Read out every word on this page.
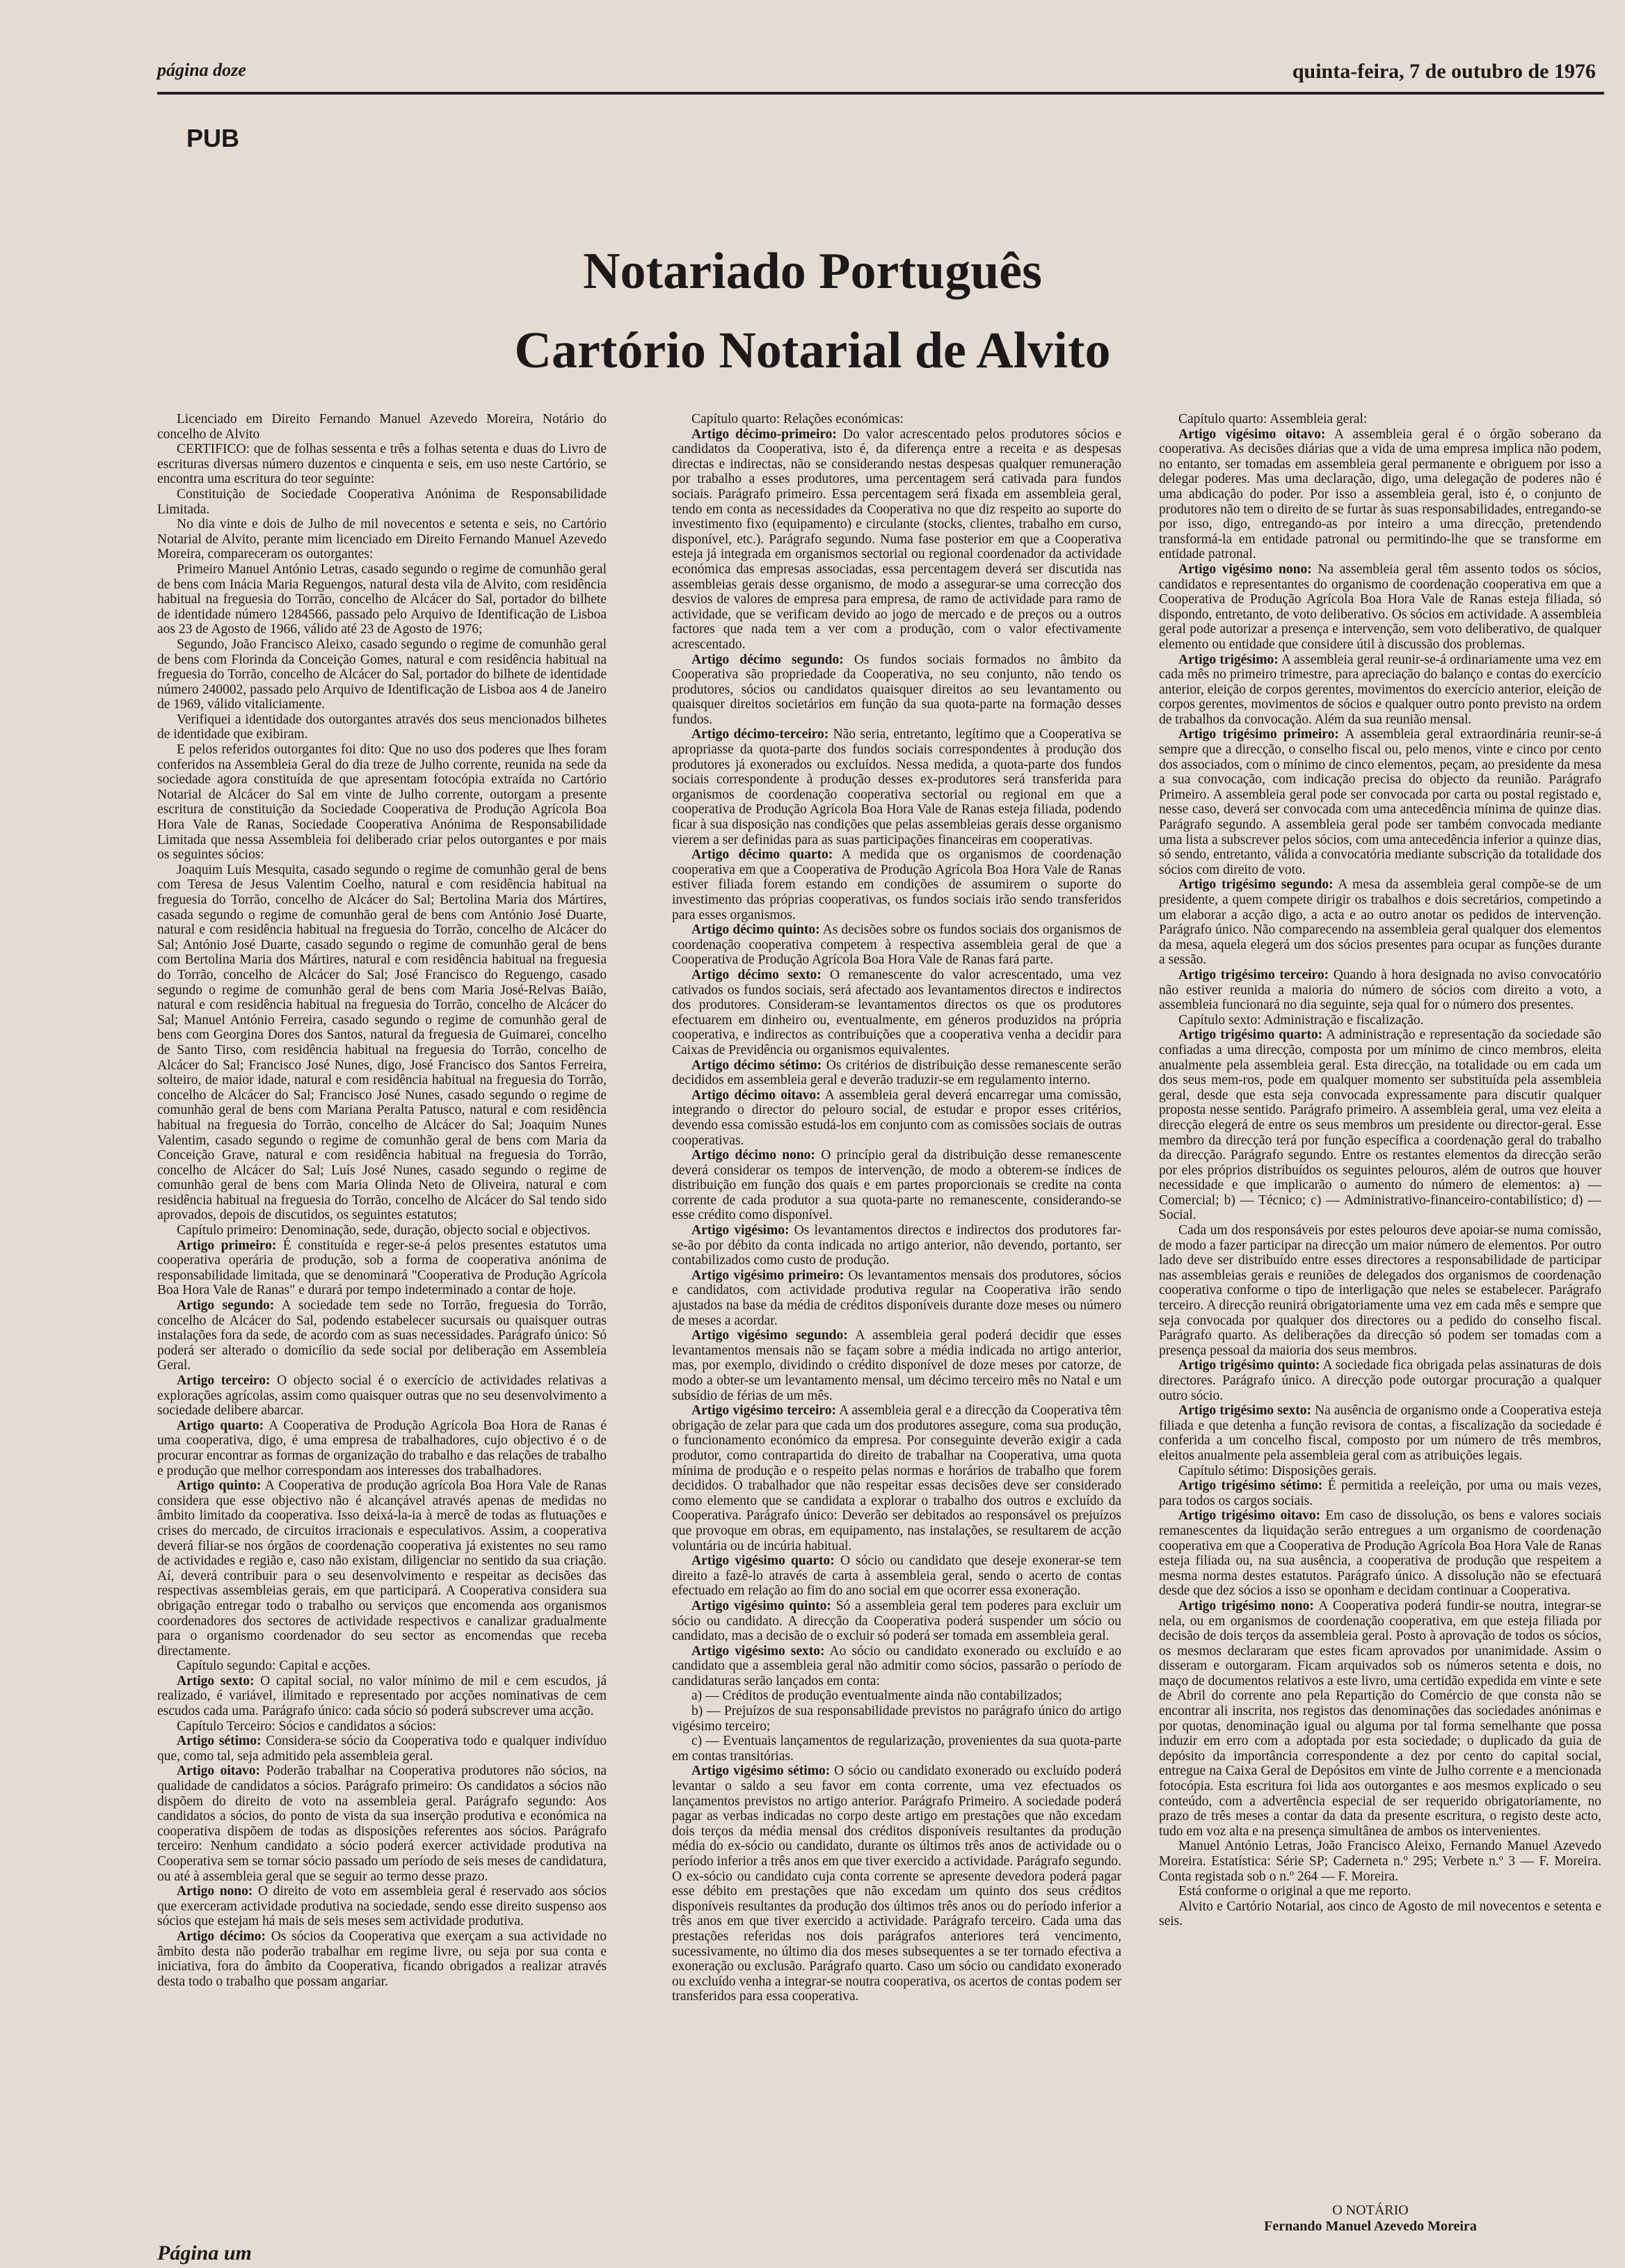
página doze	quinta-feira, 7 de outubro de 1976
PUB
Notariado Português
Cartório Notarial de Alvito

Licenciado em Direito Fernando Manuel Azevedo Moreira, Notário do concelho de Alvito

CERTIFICO: que de folhas sessenta e três a folhas setenta e duas do Livro de escrituras diversas número duzentos e cinquenta e seis, em uso neste Cartório, se encontra uma escritura do teor seguinte:

Constituição de Sociedade Cooperativa Anónima de Responsabilidade Limitada.

No dia vinte e dois de Julho de mil novecentos e setenta e seis, no Cartório Notarial de Alvito, perante mim licenciado em Direito Fernando Manuel Azevedo Moreira, compareceram os outorgantes:

Primeiro Manuel António Letras, casado segundo o regime de comunhão geral de bens com Inácia Maria Reguengos, natural desta vila de Alvito, com residência habitual na freguesia do Torrão, concelho de Alcácer do Sal, portador do bilhete de identidade número 1284566, passado pelo Arquivo de Identificação de Lisboa aos 23 de Agosto de 1966, válido até 23 de Agosto de 1976;

Segundo, João Francisco Aleixo, casado segundo o regime de comunhão geral de bens com Florinda da Conceição Gomes, natural e com residência habitual na freguesia do Torrão, concelho de Alcácer do Sal, portador do bilhete de identidade número 240002, passado pelo Arquivo de Identificação de Lisboa aos 4 de Janeiro de 1969, válido vitaliciamente.

Verifiquei a identidade dos outorgantes através dos seus mencionados bilhetes de identidade que exibiram.

E pelos referidos outorgantes foi dito: Que no uso dos poderes que lhes foram conferidos na Assembleia Geral do dia treze de Julho corrente, reunida na sede da sociedade agora constituída de que apresentam fotocópia extraída no Cartório Notarial de Alcácer do Sal em vinte de Julho corrente, outorgam a presente escritura de constituição da Sociedade Cooperativa de Produção Agrícola Boa Hora Vale de Ranas, Sociedade Cooperativa Anónima de Responsabilidade Limitada que nessa Assembleia foi deliberado criar pelos outorgantes e por mais os seguintes sócios:

Joaquim Luís Mesquita, casado segundo o regime de comunhão geral de bens com Teresa de Jesus Valentim Coelho, natural e com residência habitual na freguesia do Torrão, concelho de Alcácer do Sal; Bertolina Maria dos Mártires, casada segundo o regime de comunhão geral de bens com António José Duarte, natural e com residência habitual na freguesia do Torrão, concelho de Alcácer do Sal; António José Duarte, casado segundo o regime de comunhão geral de bens com Bertolina Maria dos Mártires, natural e com residência habitual na freguesia do Torrão, concelho de Alcácer do Sal; José Francisco do Reguengo, casado segundo o regime de comunhão geral de bens com Maria José-Relvas Baião, natural e com residência habitual na freguesia do Torrão, concelho de Alcácer do Sal; Manuel António Ferreira, casado segundo o regime de comunhão geral de bens com Georgina Dores dos Santos, natural da freguesia de Guimarei, concelho de Santo Tirso, com residência habitual na freguesia do Torrão, concelho de Alcácer do Sal; Francisco José Nunes, digo, José Francisco dos Santos Ferreira, solteiro, de maior idade, natural e com residência habitual na freguesia do Torrão, concelho de Alcácer do Sal; Francisco José Nunes, casado segundo o regime de comunhão geral de bens com Mariana Peralta Patusco, natural e com residência habitual na freguesia do Torrão, concelho de Alcácer do Sal; Joaquim Nunes Valentim, casado segundo o regime de comunhão geral de bens com Maria da Conceição Grave, natural e com residência habitual na freguesia do Torrão, concelho de Alcácer do Sal; Luís José Nunes, casado segundo o regime de comunhão geral de bens com Maria Olinda Neto de Oliveira, natural e com residência habitual na freguesia do Torrão, concelho de Alcácer do Sal tendo sido aprovados, depois de discutidos, os seguintes estatutos;

Capítulo primeiro: Denominação, sede, duração, objecto social e objectivos.

Artigo primeiro: É constituída e reger-se-á pelos presentes estatutos uma cooperativa operária de produção, sob a forma de cooperativa anónima de responsabilidade limitada, que se denominará "Cooperativa de Produção Agrícola Boa Hora Vale de Ranas" e durará por tempo indeterminado a contar de hoje.

Artigo segundo: A sociedade tem sede no Torrão, freguesia do Torrão, concelho de Alcácer do Sal, podendo estabelecer sucursais ou quaisquer outras instalações fora da sede, de acordo com as suas necessidades. Parágrafo único: Só poderá ser alterado o domicílio da sede social por deliberação em Assembleia Geral.

Artigo terceiro: O objecto social é o exercício de actividades relativas a explorações agrícolas, assim como quaisquer outras que no seu desenvolvimento a sociedade delibere abarcar.

Artigo quarto: A Cooperativa de Produção Agrícola Boa Hora de Ranas é uma cooperativa, digo, é uma empresa de trabalhadores, cujo objectivo é o de procurar encontrar as formas de organização do trabalho e das relações de trabalho e produção que melhor correspondam aos interesses dos trabalhadores.

Artigo quinto: A Cooperativa de produção agrícola Boa Hora Vale de Ranas considera que esse objectivo não é alcançável através apenas de medidas no âmbito limitado da cooperativa. Isso deixá-la-ia à mercê de todas as flutuações e crises do mercado, de circuitos irracionais e especulativos. Assim, a cooperativa deverá filiar-se nos órgãos de coordenação cooperativa já existentes no seu ramo de actividades e região e, caso não existam, diligenciar no sentido da sua criação. Aí, deverá contribuir para o seu desenvolvimento e respeitar as decisões das respectivas assembleias gerais, em que participará. A Cooperativa considera sua obrigação entregar todo o trabalho ou serviços que encomenda aos organismos coordenadores dos sectores de actividade respectivos e canalizar gradualmente para o organismo coordenador do seu sector as encomendas que receba directamente.

Capítulo segundo: Capital e acções.

Artigo sexto: O capital social, no valor mínimo de mil e cem escudos, já realizado, é variável, ilimitado e representado por acções nominativas de cem escudos cada uma. Parágrafo único: cada sócio só poderá subscrever uma acção.

Capítulo Terceiro: Sócios e candidatos a sócios:

Artigo sétimo: Considera-se sócio da Cooperativa todo e qualquer indivíduo que, como tal, seja admitido pela assembleia geral.

Artigo oitavo: Poderão trabalhar na Cooperativa produtores não sócios, na qualidade de candidatos a sócios. Parágrafo primeiro: Os candidatos a sócios não dispõem do direito de voto na assembleia geral. Parágrafo segundo: Aos candidatos a sócios, do ponto de vista da sua inserção produtiva e económica na cooperativa dispõem de todas as disposições referentes aos sócios. Parágrafo terceiro: Nenhum candidato a sócio poderá exercer actividade produtiva na Cooperativa sem se tornar sócio passado um período de seis meses de candidatura, ou até à assembleia geral que se seguir ao termo desse prazo.

Artigo nono: O direito de voto em assembleia geral é reservado aos sócios que exerceram actividade produtiva na sociedade, sendo esse direito suspenso aos sócios que estejam há mais de seis meses sem actividade produtiva.

Artigo décimo: Os sócios da Cooperativa que exerçam a sua actividade no âmbito desta não poderão trabalhar em regime livre, ou seja por sua conta e iniciativa, fora do âmbito da Cooperativa, ficando obrigados a realizar através desta todo o trabalho que possam angariar.

Capítulo quarto: Relações económicas:

Artigo décimo-primeiro: Do valor acrescentado pelos produtores sócios e candidatos da Cooperativa, isto é, da diferença entre a receita e as despesas directas e indirectas, não se considerando nestas despesas qualquer remuneração por trabalho a esses produtores, uma percentagem será cativada para fundos sociais. Parágrafo primeiro. Essa percentagem será fixada em assembleia geral, tendo em conta as necessidades da Cooperativa no que diz respeito ao suporte do investimento fixo (equipamento) e circulante (stocks, clientes, trabalho em curso, disponível, etc.). Parágrafo segundo. Numa fase posterior em que a Cooperativa esteja já integrada em organismos sectorial ou regional coordenador da actividade económica das empresas associadas, essa percentagem deverá ser discutida nas assembleias gerais desse organismo, de modo a assegurar-se uma correcção dos desvios de valores de empresa para empresa, de ramo de actividade para ramo de actividade, que se verificam devido ao jogo de mercado e de preços ou a outros factores que nada tem a ver com a produção, com o valor efectivamente acrescentado.

Artigo décimo segundo: Os fundos sociais formados no âmbito da Cooperativa são propriedade da Cooperativa, no seu conjunto, não tendo os produtores, sócios ou candidatos quaisquer direitos ao seu levantamento ou quaisquer direitos societários em função da sua quota-parte na formação desses fundos.

Artigo décimo-terceiro: Não seria, entretanto, legítimo que a Cooperativa se apropriasse da quota-parte dos fundos sociais correspondentes à produção dos produtores já exonerados ou excluídos. Nessa medida, a quota-parte dos fundos sociais correspondente à produção desses ex-produtores será transferida para organismos de coordenação cooperativa sectorial ou regional em que a cooperativa de Produção Agrícola Boa Hora Vale de Ranas esteja filiada, podendo ficar à sua disposição nas condições que pelas assembleias gerais desse organismo vierem a ser definidas para as suas participações financeiras em cooperativas.

Artigo décimo quarto: A medida que os organismos de coordenação cooperativa em que a Cooperativa de Produção Agrícola Boa Hora Vale de Ranas estiver filiada forem estando em condições de assumirem o suporte do investimento das próprias cooperativas, os fundos sociais irão sendo transferidos para esses organismos.

Artigo décimo quinto: As decisões sobre os fundos sociais dos organismos de coordenação cooperativa competem à respectiva assembleia geral de que a Cooperativa de Produção Agrícola Boa Hora Vale de Ranas fará parte.

Artigo décimo sexto: O remanescente do valor acrescentado, uma vez cativados os fundos sociais, será afectado aos levantamentos directos e indirectos dos produtores. Consideram-se levantamentos directos os que os produtores efectuarem em dinheiro ou, eventualmente, em géneros produzidos na própria cooperativa, e indirectos as contribuições que a cooperativa venha a decidir para Caixas de Previdência ou organismos equivalentes.

Artigo décimo sétimo: Os critérios de distribuição desse remanescente serão decididos em assembleia geral e deverão traduzir-se em regulamento interno.

Artigo décimo oitavo: A assembleia geral deverá encarregar uma comissão, integrando o director do pelouro social, de estudar e propor esses critérios, devendo essa comissão estudá-los em conjunto com as comissões sociais de outras cooperativas.

Artigo décimo nono: O princípio geral da distribuição desse remanescente deverá considerar os tempos de intervenção, de modo a obterem-se índices de distribuição em função dos quais e em partes proporcionais se credite na conta corrente de cada produtor a sua quota-parte no remanescente, considerando-se esse crédito como disponível.

Artigo vigésimo: Os levantamentos directos e indirectos dos produtores far-se-ão por débito da conta indicada no artigo anterior, não devendo, portanto, ser contabilizados como custo de produção.

Artigo vigésimo primeiro: Os levantamentos mensais dos produtores, sócios e candidatos, com actividade produtiva regular na Cooperativa irão sendo ajustados na base da média de créditos disponíveis durante doze meses ou número de meses a acordar.

Artigo vigésimo segundo: A assembleia geral poderá decidir que esses levantamentos mensais não se façam sobre a média indicada no artigo anterior, mas, por exemplo, dividindo o crédito disponível de doze meses por catorze, de modo a obter-se um levantamento mensal, um décimo terceiro mês no Natal e um subsídio de férias de um mês.

Artigo vigésimo terceiro: A assembleia geral e a direcção da Cooperativa têm obrigação de zelar para que cada um dos produtores assegure, coma sua produção, o funcionamento económico da empresa. Por conseguinte deverão exigir a cada produtor, como contrapartida do direito de trabalhar na Cooperativa, uma quota mínima de produção e o respeito pelas normas e horários de trabalho que forem decididos. O trabalhador que não respeitar essas decisões deve ser considerado como elemento que se candidata a explorar o trabalho dos outros e excluído da Cooperativa. Parágrafo único: Deverão ser debitados ao responsável os prejuízos que provoque em obras, em equipamento, nas instalações, se resultarem de acção voluntária ou de incúria habitual.

Artigo vigésimo quarto: O sócio ou candidato que deseje exonerar-se tem direito a fazê-lo através de carta à assembleia geral, sendo o acerto de contas efectuado em relação ao fim do ano social em que ocorrer essa exoneração.

Artigo vigésimo quinto: Só a assembleia geral tem poderes para excluir um sócio ou candidato. A direcção da Cooperativa poderá suspender um sócio ou candidato, mas a decisão de o excluir só poderá ser tomada em assembleia geral.

Artigo vigésimo sexto: Ao sócio ou candidato exonerado ou excluído e ao candidato que a assembleia geral não admitir como sócios, passarão o período de candidaturas serão lançados em conta:

a) — Créditos de produção eventualmente ainda não contabilizados;

b) — Prejuízos de sua responsabilidade previstos no parágrafo único do artigo vigésimo terceiro;

c) — Eventuais lançamentos de regularização, provenientes da sua quota-parte em contas transitórias.

Artigo vigésimo sétimo: O sócio ou candidato exonerado ou excluído poderá levantar o saldo a seu favor em conta corrente, uma vez efectuados os lançamentos previstos no artigo anterior. Parágrafo Primeiro. A sociedade poderá pagar as verbas indicadas no corpo deste artigo em prestações que não excedam dois terços da média mensal dos créditos disponíveis resultantes da produção média do ex-sócio ou candidato, durante os últimos três anos de actividade ou o período inferior a três anos em que tiver exercido a actividade. Parágrafo segundo. O ex-sócio ou candidato cuja conta corrente se apresente devedora poderá pagar esse débito em prestações que não excedam um quinto dos seus créditos disponíveis resultantes da produção dos últimos três anos ou do período inferior a três anos em que tiver exercido a actividade. Parágrafo terceiro. Cada uma das prestações referidas nos dois parágrafos anteriores terá vencimento, sucessivamente, no último dia dos meses subsequentes a se ter tornado efectiva a exoneração ou exclusão. Parágrafo quarto. Caso um sócio ou candidato exonerado ou excluído venha a integrar-se noutra cooperativa, os acertos de contas podem ser transferidos para essa cooperativa.

Capítulo quarto: Assembleia geral:

Artigo vigésimo oitavo: A assembleia geral é o órgão soberano da cooperativa. As decisões diárias que a vida de uma empresa implica não podem, no entanto, ser tomadas em assembleia geral permanente e obriguem por isso a delegar poderes. Mas uma declaração, digo, uma delegação de poderes não é uma abdicação do poder. Por isso a assembleia geral, isto é, o conjunto de produtores não tem o direito de se furtar às suas responsabilidades, entregando-se por isso, digo, entregando-as por inteiro a uma direcção, pretendendo transformá-la em entidade patronal ou permitindo-lhe que se transforme em entidade patronal.

Artigo vigésimo nono: Na assembleia geral têm assento todos os sócios, candidatos e representantes do organismo de coordenação cooperativa em que a Cooperativa de Produção Agrícola Boa Hora Vale de Ranas esteja filiada, só dispondo, entretanto, de voto deliberativo. Os sócios em actividade. A assembleia geral pode autorizar a presença e intervenção, sem voto deliberativo, de qualquer elemento ou entidade que considere útil à discussão dos problemas.

Artigo trigésimo: A assembleia geral reunir-se-á ordinariamente uma vez em cada mês no primeiro trimestre, para apreciação do balanço e contas do exercício anterior, eleição de corpos gerentes, movimentos do exercício anterior, eleição de corpos gerentes, movimentos de sócios e qualquer outro ponto previsto na ordem de trabalhos da convocação. Além da sua reunião mensal.

Artigo trigésimo primeiro: A assembleia geral extraordinária reunir-se-á sempre que a direcção, o conselho fiscal ou, pelo menos, vinte e cinco por cento dos associados, com o mínimo de cinco elementos, peçam, ao presidente da mesa a sua convocação, com indicação precisa do objecto da reunião. Parágrafo Primeiro. A assembleia geral pode ser convocada por carta ou postal registado e, nesse caso, deverá ser convocada com uma antecedência mínima de quinze dias. Parágrafo segundo. A assembleia geral pode ser também convocada mediante uma lista a subscrever pelos sócios, com uma antecedência inferior a quinze dias, só sendo, entretanto, válida a convocatória mediante subscrição da totalidade dos sócios com direito de voto.

Artigo trigésimo segundo: A mesa da assembleia geral compõe-se de um presidente, a quem compete dirigir os trabalhos e dois secretários, competindo a um elaborar a acção digo, a acta e ao outro anotar os pedidos de intervenção. Parágrafo único. Não comparecendo na assembleia geral qualquer dos elementos da mesa, aquela elegerá um dos sócios presentes para ocupar as funções durante a sessão.

Artigo trigésimo terceiro: Quando à hora designada no aviso convocatório não estiver reunida a maioria do número de sócios com direito a voto, a assembleia funcionará no dia seguinte, seja qual for o número dos presentes.

Capítulo sexto: Administração e fiscalização.

Artigo trigésimo quarto: A administração e representação da sociedade são confiadas a uma direcção, composta por um mínimo de cinco membros, eleita anualmente pela assembleia geral. Esta direcção, na totalidade ou em cada um dos seus mem-ros, pode em qualquer momento ser substituída pela assembleia geral, desde que esta seja convocada expressamente para discutir qualquer proposta nesse sentido. Parágrafo primeiro. A assembleia geral, uma vez eleita a direcção elegerá de entre os seus membros um presidente ou director-geral. Esse membro da direcção terá por função específica a coordenação geral do trabalho da direcção. Parágrafo segundo. Entre os restantes elementos da direcção serão por eles próprios distribuídos os seguintes pelouros, além de outros que houver necessidade e que implicarão o aumento do número de elementos: a) — Comercial; b) — Técnico; c) — Administrativo-financeiro-contabilístico; d) — Social.

Cada um dos responsáveis por estes pelouros deve apoiar-se numa comissão, de modo a fazer participar na direcção um maior número de elementos. Por outro lado deve ser distribuído entre esses directores a responsabilidade de participar nas assembleias gerais e reuniões de delegados dos organismos de coordenação cooperativa conforme o tipo de interligação que neles se estabelecer. Parágrafo terceiro. A direcção reunirá obrigatoriamente uma vez em cada mês e sempre que seja convocada por qualquer dos directores ou a pedido do conselho fiscal. Parágrafo quarto. As deliberações da direcção só podem ser tomadas com a presença pessoal da maioria dos seus membros.

Artigo trigésimo quinto: A sociedade fica obrigada pelas assinaturas de dois directores. Parágrafo único. A direcção pode outorgar procuração a qualquer outro sócio.

Artigo trigésimo sexto: Na ausência de organismo onde a Cooperativa esteja filiada e que detenha a função revisora de contas, a fiscalização da sociedade é conferida a um concelho fiscal, composto por um número de três membros, eleitos anualmente pela assembleia geral com as atribuições legais.

Capítulo sétimo: Disposições gerais.

Artigo trigésimo sétimo: É permitida a reeleição, por uma ou mais vezes, para todos os cargos sociais.

Artigo trigésimo oitavo: Em caso de dissolução, os bens e valores sociais remanescentes da liquidação serão entregues a um organismo de coordenação cooperativa em que a Cooperativa de Produção Agrícola Boa Hora Vale de Ranas esteja filiada ou, na sua ausência, a cooperativa de produção que respeitem a mesma norma destes estatutos. Parágrafo único. A dissolução não se efectuará desde que dez sócios a isso se oponham e decidam continuar a Cooperativa.

Artigo trigésimo nono: A Cooperativa poderá fundir-se noutra, integrar-se nela, ou em organismos de coordenação cooperativa, em que esteja filiada por decisão de dois terços da assembleia geral. Posto à aprovação de todos os sócios, os mesmos declararam que estes ficam aprovados por unanimidade. Assim o disseram e outorgaram. Ficam arquivados sob os números setenta e dois, no maço de documentos relativos a este livro, uma certidão expedida em vinte e sete de Abril do corrente ano pela Repartição do Comércio de que consta não se encontrar ali inscrita, nos registos das denominações das sociedades anónimas e por quotas, denominação igual ou alguma por tal forma semelhante que possa induzir em erro com a adoptada por esta sociedade; o duplicado da guia de depósito da importância correspondente a dez por cento do capital social, entregue na Caixa Geral de Depósitos em vinte de Julho corrente e a mencionada fotocópia. Esta escritura foi lida aos outorgantes e aos mesmos explicado o seu conteúdo, com a advertência especial de ser requerido obrigatoriamente, no prazo de três meses a contar da data da presente escritura, o registo deste acto, tudo em voz alta e na presença simultânea de ambos os intervenientes.

Manuel António Letras, João Francisco Aleixo, Fernando Manuel Azevedo Moreira. Estatística: Série SP; Caderneta n.º 295; Verbete n.º 3 — F. Moreira. Conta registada sob o n.º 264 — F. Moreira.

Está conforme o original a que me reporto.

Alvito e Cartório Notarial, aos cinco de Agosto de mil novecentos e setenta e seis.

O NOTÁRIO
Fernando Manuel Azevedo Moreira
Página um
